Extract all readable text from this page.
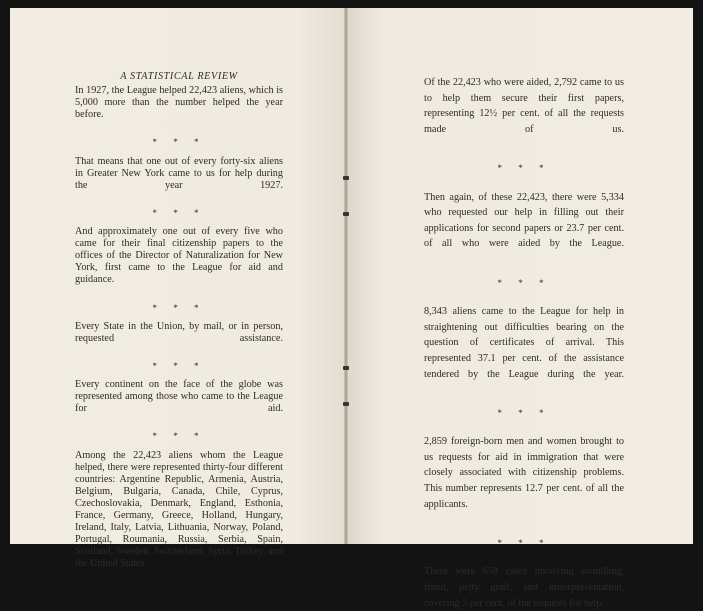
A STATISTICAL REVIEW

In 1927, the League helped 22,423 aliens, which is 5,000 more than the number helped the year before.

* * *

That means that one out of every forty-six aliens in Greater New York came to us for help during the year 1927.

* * *

And approximately one out of every five who came for their final citizenship papers to the offices of the Director of Naturalization for New York, first came to the League for aid and guidance.

* * *

Every State in the Union, by mail, or in person, requested assistance.

* * *

Every continent on the face of the globe was represented among those who came to the League for aid.

* * *

Among the 22,423 aliens whom the League helped, there were represented thirty-four different countries: Argentine Republic, Armenia, Austria, Belgium, Bulgaria, Canada, Chile, Cyprus, Czechoslovakia, Denmark, England, Esthonia, France, Germany, Greece, Holland, Hungary, Ireland, Italy, Latvia, Lithuania, Norway, Poland, Portugal, Roumania, Russia, Serbia, Spain, Scotland, Sweden, Switzerland, Syria, Turkey, and the United States.

Of the 22,423 who were aided, 2,792 came to us to help them secure their first papers, representing 12½ per cent. of all the requests made of us.

* * *

Then again, of these 22,423, there were 5,334 who requested our help in filling out their applications for second papers or 23.7 per cent. of all who were aided by the League.

* * *

8,343 aliens came to the League for help in straightening out difficulties bearing on the question of certificates of arrival. This represented 37.1 per cent. of the assistance tendered by the League during the year.

* * *

2,859 foreign-born men and women brought to us requests for aid in immigration that were closely associated with citizenship problems. This number represents 12.7 per cent. of all the applicants.

* * *

There were 658 cases involving swindling, fraud, petty graft, and misrepresentation, covering 3 per cent. of the requests for help.
